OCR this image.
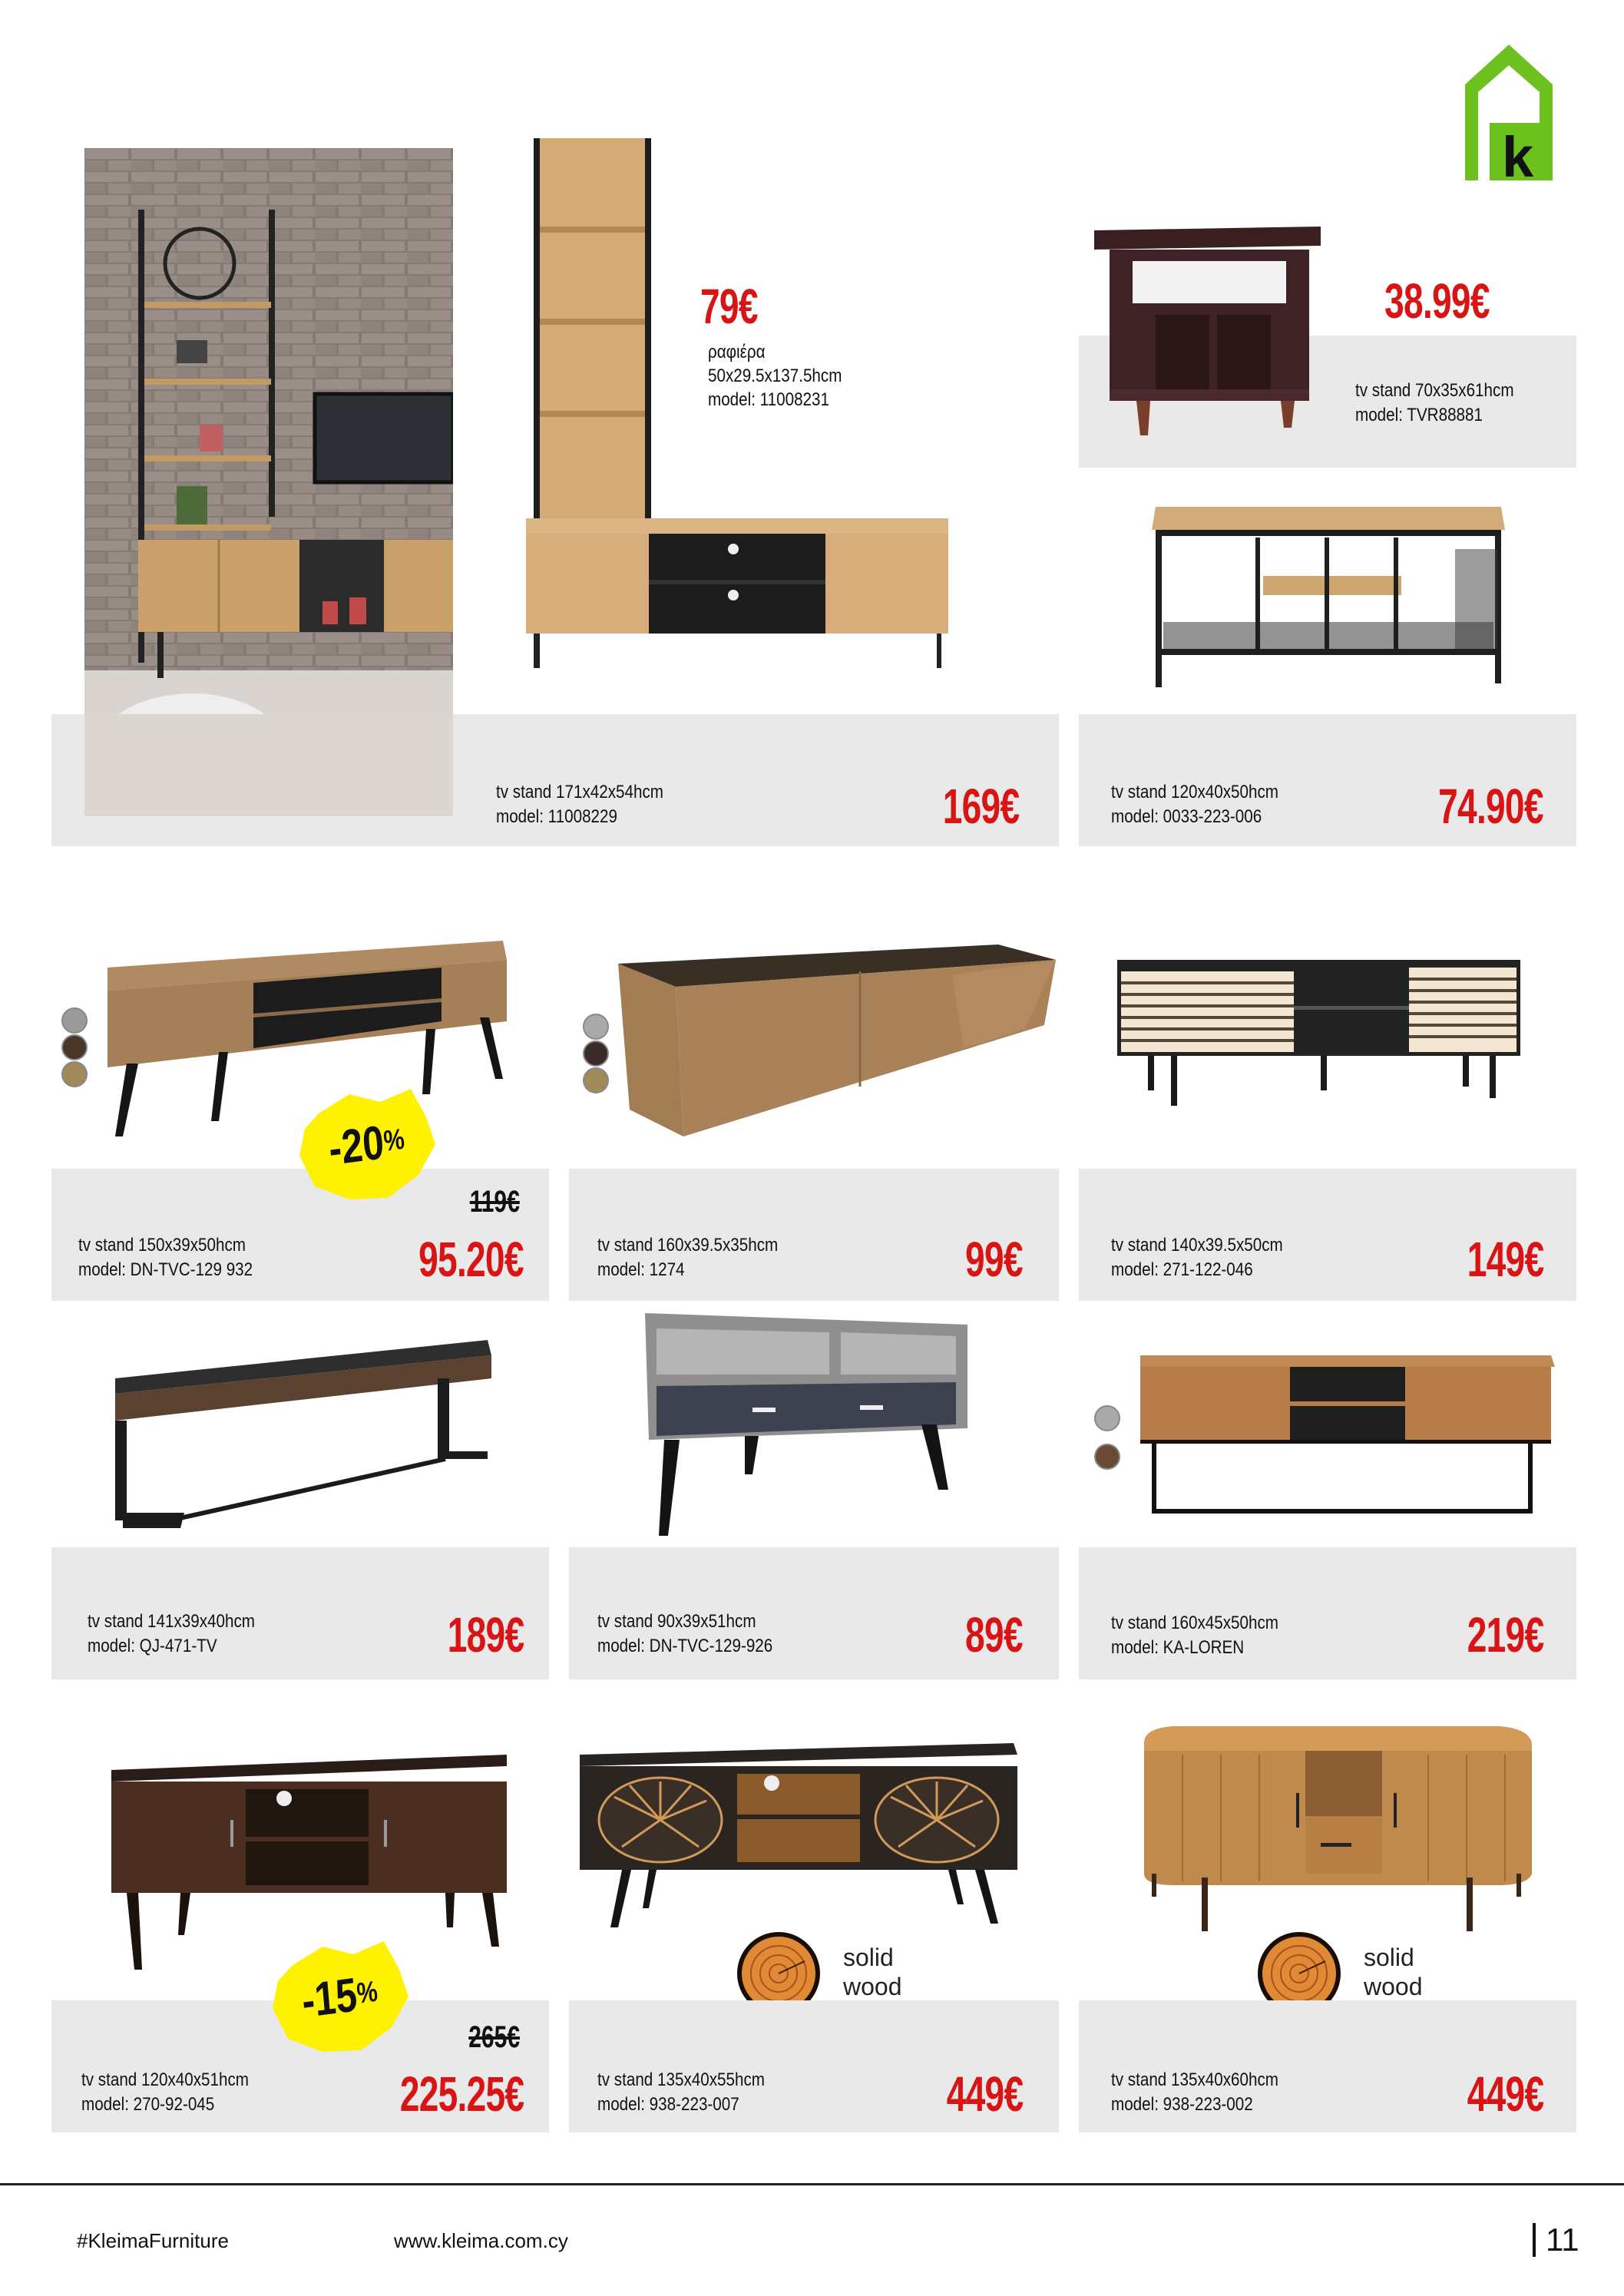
k
79€
ραφιέρα
50x29.5x137.5hcm
model: 11008231
tv stand 171x42x54hcm
model: 11008229	169€
38.99€
tv stand 70x35x61hcm
model: TVR88881
tv stand 120x40x50hcm
model: 0033-223-006	74.90€
-20
%
119€
tv stand 150x39x50hcm
model: DN-TVC-129 932	95.20€	tv stand 160x39.5x35hcm
model: 1274	99€	tv stand 140x39.5x50cm
model: 271-122-046	149€
tv stand 141x39x40hcm
model: QJ-471-TV	189€	tv stand 90x39x51hcm
model: DN-TVC-129-926	89€	tv stand 160x45x50hcm
model: KA-LOREN	219€
-15
%
265€
tv stand 120x40x51hcm
model: 270-92-045	225.25€
solid
wood
tv stand 135x40x55hcm
model: 938-223-007	449€
solid
wood
tv stand 135x40x60hcm
model: 938-223-002	449€
#KleimaFurniture	www.kleima.com.cy	11
